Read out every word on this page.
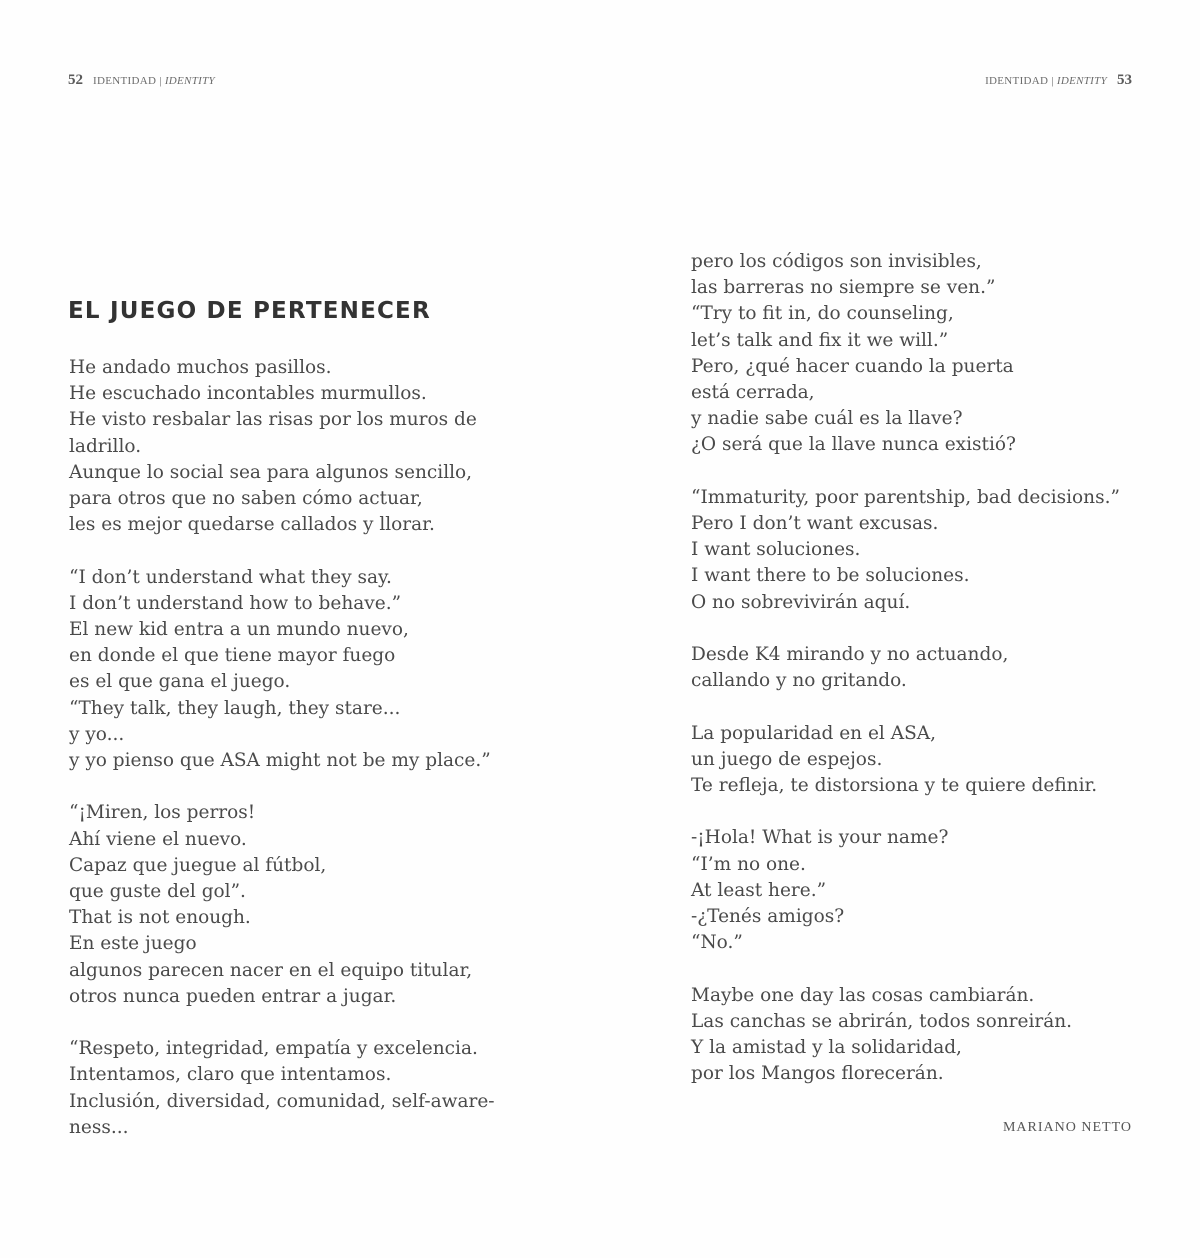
52 IDENTIDAD | IDENTITY	IDENTIDAD | IDENTITY 53
EL JUEGO DE PERTENECER

He andado muchos pasillos.
He escuchado incontables murmullos.
He visto resbalar las risas por los muros de
ladrillo.
Aunque lo social sea para algunos sencillo,
para otros que no saben cómo actuar,
les es mejor quedarse callados y llorar.

“I don’t understand what they say.
I don’t understand how to behave.”
El new kid entra a un mundo nuevo,
en donde el que tiene mayor fuego
es el que gana el juego.
“They talk, they laugh, they stare...
y yo...
y yo pienso que ASA might not be my place.”

“¡Miren, los perros!
Ahí viene el nuevo.
Capaz que juegue al fútbol,
que guste del gol”.
That is not enough.
En este juego
algunos parecen nacer en el equipo titular,
otros nunca pueden entrar a jugar.

“Respeto, integridad, empatía y excelencia.
Intentamos, claro que intentamos.
Inclusión, diversidad, comunidad, self-aware-
ness...

pero los códigos son invisibles,
las barreras no siempre se ven.”
“Try to fit in, do counseling,
let’s talk and fix it we will.”
Pero, ¿qué hacer cuando la puerta
está cerrada,
y nadie sabe cuál es la llave?
¿O será que la llave nunca existió?

“Immaturity, poor parentship, bad decisions.”
Pero I don’t want excusas.
I want soluciones.
I want there to be soluciones.
O no sobrevivirán aquí.

Desde K4 mirando y no actuando,
callando y no gritando.

La popularidad en el ASA,
un juego de espejos.
Te refleja, te distorsiona y te quiere definir.

-¡Hola! What is your name?
“I’m no one.
At least here.”
-¿Tenés amigos?
“No.”

Maybe one day las cosas cambiarán.
Las canchas se abrirán, todos sonreirán.
Y la amistad y la solidaridad,
por los Mangos florecerán.

MARIANO NETTO
